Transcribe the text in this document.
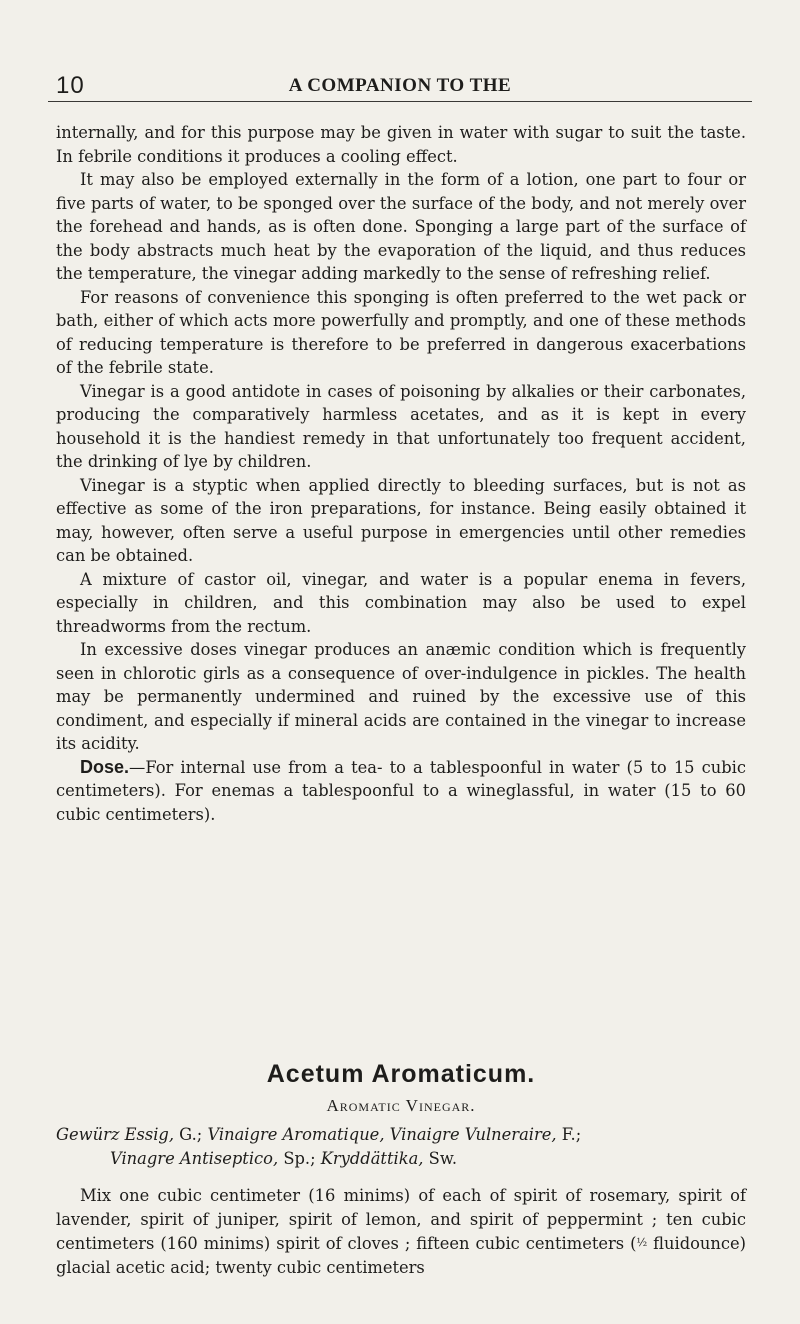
10	A COMPANION TO THE

internally, and for this purpose may be given in water with sugar to suit the taste. In febrile conditions it produces a cooling effect.

It may also be employed externally in the form of a lotion, one part to four or five parts of water, to be sponged over the surface of the body, and not merely over the forehead and hands, as is often done. Sponging a large part of the surface of the body abstracts much heat by the evaporation of the liquid, and thus reduces the temperature, the vinegar adding markedly to the sense of refreshing relief.

For reasons of convenience this sponging is often preferred to the wet pack or bath, either of which acts more powerfully and promptly, and one of these methods of reducing temperature is therefore to be preferred in dangerous exacerbations of the febrile state.

Vinegar is a good antidote in cases of poisoning by alkalies or their carbonates, producing the comparatively harmless acetates, and as it is kept in every household it is the handiest remedy in that unfortunately too frequent accident, the drinking of lye by children.

Vinegar is a styptic when applied directly to bleeding surfaces, but is not as effective as some of the iron preparations, for instance. Being easily obtained it may, however, often serve a useful purpose in emergencies until other remedies can be obtained.

A mixture of castor oil, vinegar, and water is a popular enema in fevers, especially in children, and this combination may also be used to expel threadworms from the rectum.

In excessive doses vinegar produces an anæmic condition which is frequently seen in chlorotic girls as a consequence of over-indulgence in pickles. The health may be permanently undermined and ruined by the excessive use of this condiment, and especially if mineral acids are contained in the vinegar to increase its acidity.

Dose.—For internal use from a tea- to a tablespoonful in water (5 to 15 cubic centimeters). For enemas a tablespoonful to a wineglassful, in water (15 to 60 cubic centimeters).

Acetum Aromaticum.
Aromatic Vinegar.
Gewürz Essig, G.; Vinaigre Aromatique, Vinaigre Vulneraire, F.;
Vinagre Antiseptico, Sp.; Kryddättika, Sw.

Mix one cubic centimeter (16 minims) of each of spirit of rosemary, spirit of lavender, spirit of juniper, spirit of lemon, and spirit of peppermint ; ten cubic centimeters (160 minims) spirit of cloves ; fifteen cubic centimeters (½ fluidounce) glacial acetic acid; twenty cubic centimeters
